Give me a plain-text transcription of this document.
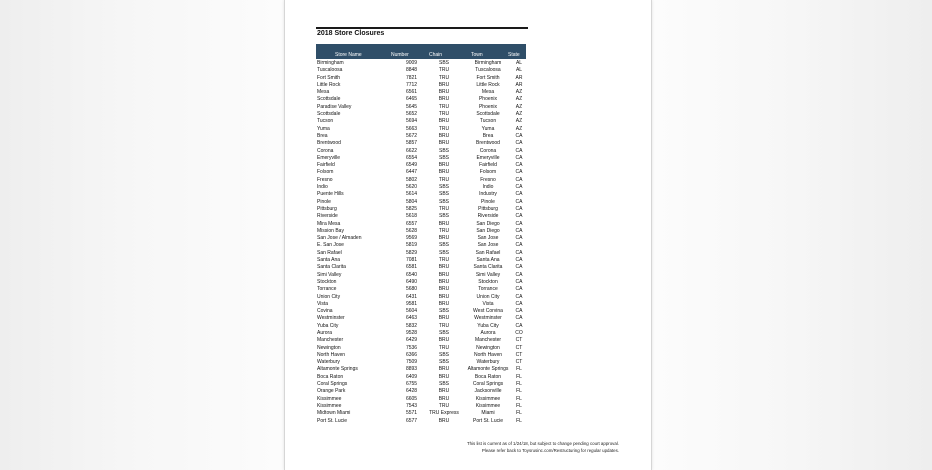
2018 Store Closures
Store Name	Number	Chain	Town	State
Birmingham	9009	SBS	Birmingham	AL
Tuscaloosa	8848	TRU	Tuscaloosa	AL
Fort Smith	7821	TRU	Fort Smith	AR
Little Rock	7712	BRU	Little Rock	AR
Mesa	6561	BRU	Mesa	AZ
Scottsdale	6465	BRU	Phoenix	AZ
Paradise Valley	5645	TRU	Phoenix	AZ
Scottsdale	5652	TRU	Scottsdale	AZ
Tucson	5694	BRU	Tucson	AZ
Yuma	5663	TRU	Yuma	AZ
Brea	5672	BRU	Brea	CA
Brentwood	5857	BRU	Brentwood	CA
Corona	6622	SBS	Corona	CA
Emeryville	6554	SBS	Emeryville	CA
Fairfield	6549	BRU	Fairfield	CA
Folsom	6447	BRU	Folsom	CA
Fresno	5802	TRU	Fresno	CA
Indio	5620	SBS	Indio	CA
Puente Hills	5614	SBS	Industry	CA
Pinole	5804	SBS	Pinole	CA
Pittsburg	5825	TRU	Pittsburg	CA
Riverside	5618	SBS	Riverside	CA
Mira Mesa	6557	BRU	San Diego	CA
Mission Bay	5628	TRU	San Diego	CA
San Jose / Almaden	9569	BRU	San Jose	CA
E. San Jose	5819	SBS	San Jose	CA
San Rafael	5829	SBS	San Rafael	CA
Santa Ana	7081	TRU	Santa Ana	CA
Santa Clarita	6581	BRU	Santa Clarita	CA
Simi Valley	6540	BRU	Simi Valley	CA
Stockton	6490	BRU	Stockton	CA
Torrance	5680	BRU	Torrance	CA
Union City	6431	BRU	Union City	CA
Vista	9581	BRU	Vista	CA
Covina	5604	SBS	West Corvina	CA
Westminster	6463	BRU	Westminster	CA
Yuba City	5832	TRU	Yuba City	CA
Aurora	9528	SBS	Aurora	CO
Manchester	6429	BRU	Manchester	CT
Newington	7536	TRU	Newington	CT
North Haven	6366	SBS	North Haven	CT
Waterbury	7509	SBS	Waterbury	CT
Altamonte Springs	8893	BRU	Altamonte Springs	FL
Boca Raton	6409	BRU	Boca Raton	FL
Coral Springs	6755	SBS	Coral Springs	FL
Orange Park	6428	BRU	Jacksonville	FL
Kissimmee	6605	BRU	Kissimmee	FL
Kissimmee	7543	TRU	Kissimmee	FL
Midtown Miami	5571	TRU Express	Miami	FL
Port St. Lucie	6577	BRU	Port St. Lucie	FL
This list is current as of 1/24/18, but subject to change pending court approval.
Please refer back to Toysrusinc.com/Restructuring for regular updates.
